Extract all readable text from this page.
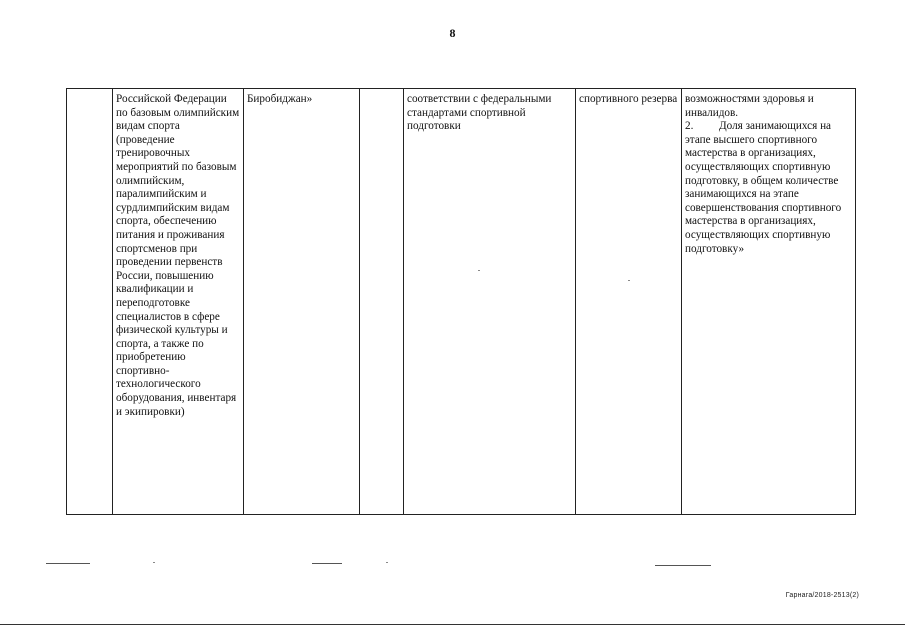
8
	Российской Федерации по базовым олимпийским видам спорта (проведение тренировочных мероприятий по базовым олимпийским, паралимпийским и сурдлимпийским видам спорта, обеспечению питания и проживания спортсменов при проведении первенств России, повышению квалификации и переподготовке специалистов в сфере физической культуры и спорта, а также по приобретению спортивно-технологического оборудования, инвентаря и экипировки)	Биробиджан»		соответствии с федеральными стандартами спортивной подготовки	спортивного резерва	возможностями здоровья и инвалидов.

2. Доля занимающихся на этапе высшего спортивного мастерства в организациях, осуществляющих спортивную подготовку, в общем количестве занимающихся на этапе совершенствования спортивного мастерства в организациях, осуществляющих спортивную подготовку»

Гарнага/2018-2513(2)
